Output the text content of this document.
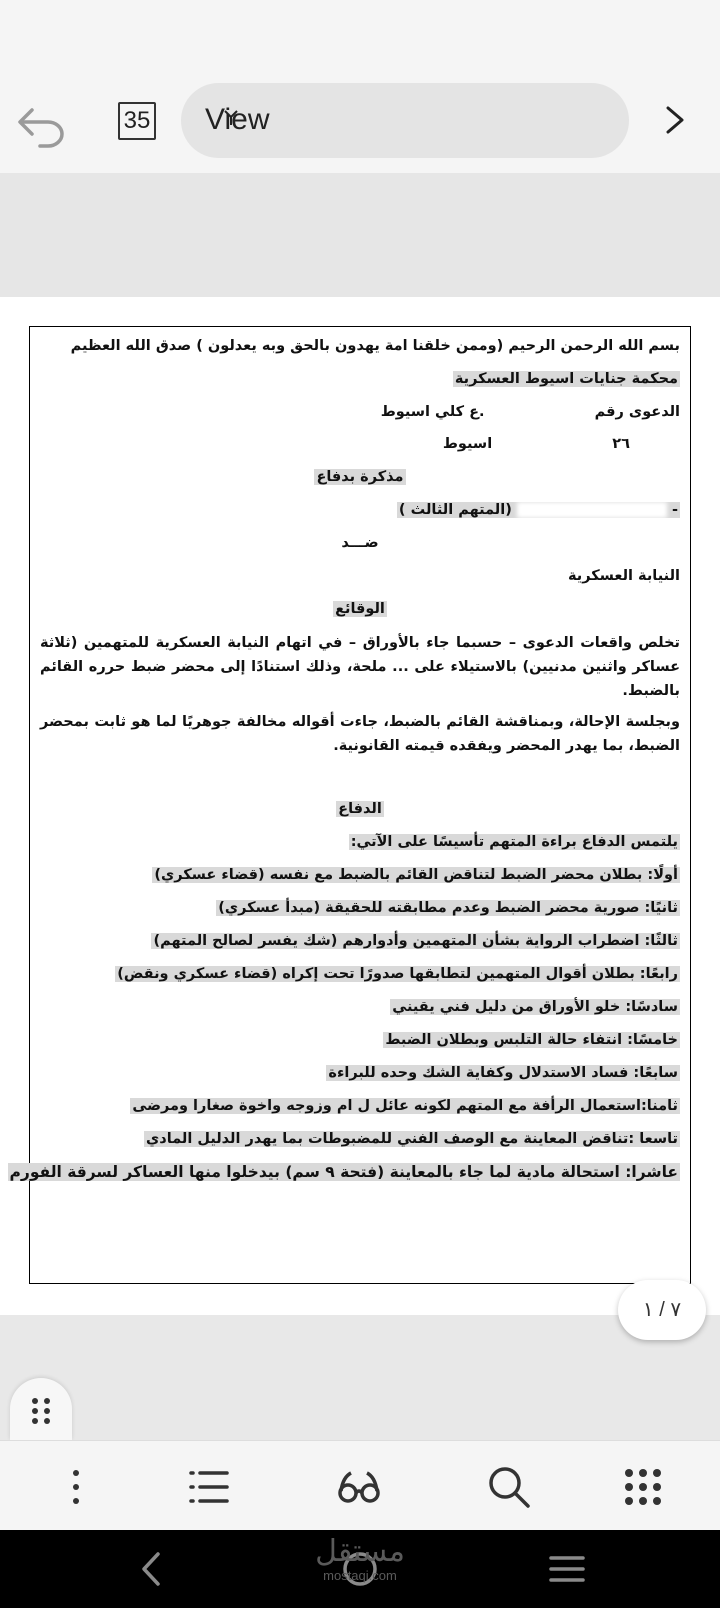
35 View
بسم الله الرحمن الرحيم (وممن خلقنا امة يهدون بالحق وبه يعدلون ) صدق الله العظيم
محكمة جنايات اسيوط العسكرية
الدعوى رقم  .ع كلي اسيوط
٢٦  اسيوط
مذكرة بدفاع
-  (المتهم الثالث )
ضـــد
النيابة العسكرية
الوقائع
تخلص واقعات الدعوى – حسبما جاء بالأوراق – في اتهام النيابة العسكرية للمتهمين (ثلاثة عساكر واثنين مدنيين) بالاستيلاء على ... ملحة، وذلك استنادًا إلى محضر ضبط حرره القائم بالضبط.
وبجلسة الإحالة، وبمناقشة القائم بالضبط، جاءت أقواله مخالفة جوهريًا لما هو ثابت بمحضر الضبط، بما يهدر المحضر ويفقده قيمته القانونية.
الدفاع
يلتمس الدفاع براءة المتهم تأسيسًا على الآتي:
أولًا: بطلان محضر الضبط لتناقض القائم بالضبط مع نفسه (قضاء عسكري)
ثانيًا: صورية محضر الضبط وعدم مطابقته للحقيقة (مبدأ عسكري)
ثالثًا: اضطراب الرواية بشأن المتهمين وأدوارهم (شك يفسر لصالح المتهم)
رابعًا: بطلان أقوال المتهمين لتطابقها صدورًا تحت إكراه (قضاء عسكري ونقض)
سادسًا: خلو الأوراق من دليل فني يقيني
خامسًا: انتفاء حالة التلبس وبطلان الضبط
سابعًا: فساد الاستدلال وكفاية الشك وحده للبراءة
ثامنا:استعمال الرأفة مع المتهم لكونه عائل ل ام وزوجه واخوة صغارا ومرضى
تاسعا :تناقض المعاينة مع الوصف الفني للمضبوطات بما يهدر الدليل المادي
عاشرا: استحالة مادية لما جاء بالمعاينة (فتحة ٩ سم) بيدخلوا منها العساكر لسرقة الفورم
٧ / ١
مستقل
mostaqi.com
